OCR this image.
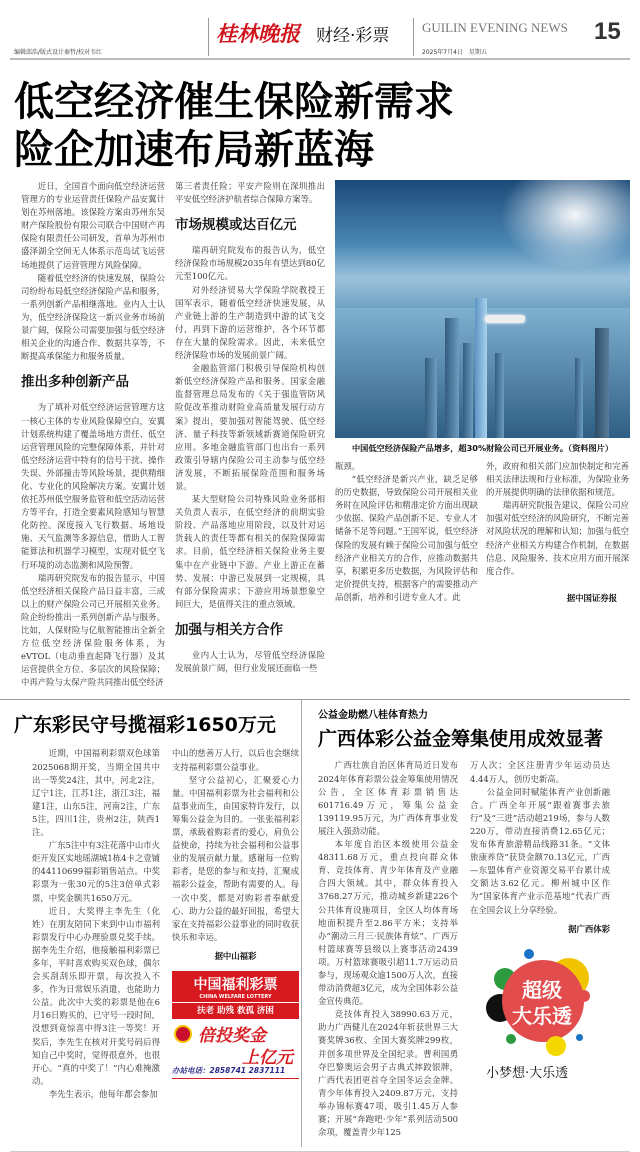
编辑邱浩/版式设计秦哲/校对韦红
桂林晚报 财经·彩票	GUILIN EVENING NEWS
2025年7月4日　星期五
15
低空经济催生保险新需求
险企加速布局新蓝海

近日，全国首个面向低空经济运营管理方的专业运营责任保险产品安翼计划在苏州落地。该保险方案由苏州东吴财产保险股份有限公司联合中国财产再保险有限责任公司研发，首单为苏州市盛泽湖全空间无人体系示范岛试飞运营场地提供了运营管理方风险保障。

随着低空经济的快速发展，保险公司纷纷布局低空经济保险产品和服务，一系列创新产品相继落地。业内人士认为，低空经济保险这一新兴业务市场前景广阔，保险公司需要加强与低空经济相关企业的沟通合作、数据共享等，不断提高承保能力和服务质量。

推出多种创新产品

为了填补对低空经济运营管理方这一核心主体的专业风险保障空白，安翼计划系统构建了覆盖场地方责任、低空运营管理风险的完整保障体系，并针对低空经济运营中特有的信号干扰、操作失误、外部撞击等风险场景，提供精细化、专业化的风险解决方案。安翼计划依托苏州低空服务监管和低空活动运营方等平台，打造全要素风险感知与智慧化防控。深度接入飞行数据、场地设施、天气监测等多源信息，借助人工智能算法和机器学习模型，实现对低空飞行环境的动态监测和风险预警。

瑞再研究院发布的报告显示，中国低空经济相关保险产品日益丰富，三成以上的财产保险公司已开展相关业务。险企纷纷推出一系列创新产品与服务。比如，人保财险与亿航智能推出全新全方位低空经济保险服务体系，为eVTOL（电动垂直起降飞行器）及其运营提供全方位、多层次的风险保障；中再产险与太保产险共同推出低空经济

第三者责任险；平安产险则在深圳推出平安低空经济护航者综合保障方案等。

市场规模或达百亿元

瑞再研究院发布的报告认为，低空经济保险市场规模2035年有望达到80亿元至100亿元。

对外经济贸易大学保险学院教授王国军表示，随着低空经济快速发展，从产业链上游的生产制造到中游的试飞交付，再到下游的运营维护，各个环节都存在大量的保险需求。因此，未来低空经济保险市场的发展前景广阔。

金融监管部门积极引导保险机构创新低空经济保险产品和服务。国家金融监督管理总局发布的《关于强监管防风险促改革推动财险业高质量发展行动方案》提出，要加强对智能驾驶、低空经济、量子科技等新领域新赛道保险研究应用。多地金融监管部门也出台一系列政策引导辖内保险公司主动参与低空经济发展，不断拓展保险范围和服务场景。

某大型财险公司特殊风险业务部相关负责人表示，在低空经济的前期实验阶段、产品落地应用阶段，以及针对运货载人的责任等都有相关的保险保障需求。目前，低空经济相关保险业务主要集中在产业链中下游。产业上游正在蓄势、发展；中游已发展到一定规模，具有部分保险需求；下游应用场景想象空间巨大，是值得关注的重点领域。

加强与相关方合作

业内人士认为，尽管低空经济保险发展前景广阔，但行业发展还面临一些

中国低空经济保险产品增多，超30%财险公司已开展业务。（资料图片）

瓶颈。

“低空经济是新兴产业，缺乏足够的历史数据，导致保险公司开展相关业务时在风险评估和精准定价方面出现缺少依据、保险产品创新不足、专业人才储备不足等问题。”王国军说，低空经济保险的发展有赖于保险公司加强与低空经济产业相关方的合作，应推动数据共享，积累更多历史数据，为风险评估和定价提供支持，根据客户的需要推动产品创新，培养和引进专业人才。此

外，政府和相关部门应加快制定和完善相关法律法规和行业标准，为保险业务的开展提供明确的法律依据和规范。

瑞再研究院报告建议，保险公司应加强对低空经济的风险研究，不断完善对风险状况的理解和认知；加强与低空经济产业相关方构建合作机制，在数据信息、风险服务、技术应用方面开展深度合作。

据中国证券报
广东彩民守号揽福彩1650万元

近期，中国福利彩票双色球第2025068期开奖，当期全国共中出一等奖24注，其中，河北2注，辽宁1注，江苏1注，浙江3注，福建1注，山东5注，河南2注，广东5注，四川1注，贵州2注，陕西1注。

广东5注中有3注花落中山市火炬开发区实地瑶湖城1栋4卡之壹铺的44110699福彩销售站点。中奖彩票为一张30元的5注3倍单式彩票，中奖金额共1650万元。

近日，大奖得主李先生（化姓）在朋友陪同下来到中山市福利彩票发行中心办理验票兑奖手续。据李先生介绍，他接触福利彩票已多年，平时喜欢购买双色球，偶尔会买刮刮乐即开票，每次投入不多，作为日常娱乐消遣，也能助力公益。此次中大奖的彩票是他在6月16日购买的，已守号一段时间，没想到竟惊喜中得3注一等奖！开奖后，李先生在核对开奖号码后得知自己中奖时，觉得很意外，也很开心。“真的中奖了！”内心难掩激动。

李先生表示，他每年都会参加

中山的慈善万人行，以后也会继续支持福利彩票公益事业。

坚守公益初心，汇聚爱心力量。中国福利彩票为社会福利和公益事业而生，由国家特许发行，以筹集公益金为目的。一张张福利彩票，承载着购彩者的爱心，肩负公益使命，持续为社会福利和公益事业的发展贡献力量。感谢每一位购彩者，是您的参与和支持，汇聚成福彩公益金，帮助有需要的人。每一次中奖，都是对购彩者奉献爱心、助力公益的最好回报，希望大家在支持福彩公益事业的同时收获快乐和幸运。

据中山福彩
中国福利彩票
CHINA WELFARE LOTTERY
扶老 助残 救孤 济困
倍投奖金
上亿元
办站电话：2858741 2837111
公益金助燃八桂体育热力
广西体彩公益金筹集使用成效显著

广西壮族自治区体育局近日发布2024年体育彩票公益金筹集使用情况公告，全区体育彩票销售达601716.49万元，筹集公益金139119.95万元，为广西体育事业发展注入强劲动能。

本年度自治区本级使用公益金48311.68万元，重点投向群众体育、竞技体育、青少年体育及产业融合四大领域。其中，群众体育投入3768.27万元，推动城乡新建226个公共体育设施项目，全区人均体育场地面积提升至2.86平方米；支持举办“潮动三月三·民族体育炫”、广西万村篮球赛等县级以上赛事活动2439项。万村篮球赛吸引超11.7万运动员参与，现场观众逾1500万人次，直接带动消费超3亿元，成为全国体彩公益金宣传典范。

竞技体育投入38990.63万元，助力广西健儿在2024年斩获世界三大赛奖牌36枚、全国大赛奖牌299枚，并创多项世界及全国纪录。曹利国勇夺巴黎奥运会男子古典式摔跤银牌，广西代表团更首夺全国冬运会金牌。青少年体育投入2409.87万元，支持举办锦标赛47项，吸引1.45万人参赛；开展“奔跑吧·少年”系列活动500余项，覆盖青少年125

万人次；全区注册青少年运动员达4.44万人，创历史新高。

公益金同时赋能体育产业创新融合。广西全年开展“跟着赛事去旅行”及“三进”活动超219场，参与人数220万，带动直接消费12.65亿元；发布体育旅游精品线路31条。“文体旅康养贷”获贷金额70.13亿元，广西—东盟体育产业资源交易平台累计成交额达3.62亿元。柳州城中区作为“国家体育产业示范基地”代表广西在全国会议上分享经验。

据广西体彩
超级
大乐透
小梦想·大乐透
